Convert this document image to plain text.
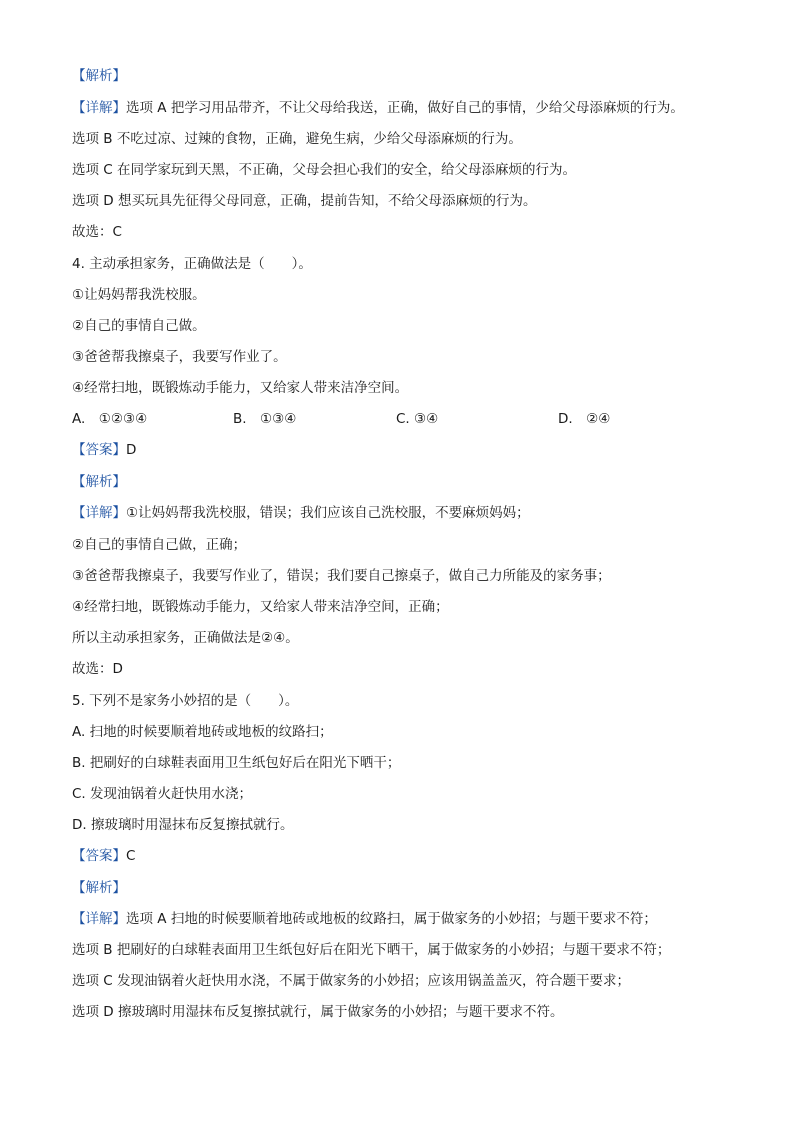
【解析】
【详解】选项 A 把学习用品带齐，不让父母给我送，正确，做好自己的事情，少给父母添麻烦的行为。
选项 B 不吃过凉、过辣的食物，正确，避免生病，少给父母添麻烦的行为。
选项 C 在同学家玩到天黑，不正确，父母会担心我们的安全，给父母添麻烦的行为。
选项 D 想买玩具先征得父母同意，正确，提前告知，不给父母添麻烦的行为。
故选：C
4. 主动承担家务，正确做法是（　　）。
①让妈妈帮我洗校服。
②自己的事情自己做。
③爸爸帮我擦桌子，我要写作业了。
④经常扫地，既锻炼动手能力，又给家人带来洁净空间。
A.　①②③④	B.　①③④	C. ③④	D.　②④
【答案】D
【解析】
【详解】①让妈妈帮我洗校服，错误；我们应该自己洗校服，不要麻烦妈妈；
②自己的事情自己做，正确；
③爸爸帮我擦桌子，我要写作业了，错误；我们要自己擦桌子，做自己力所能及的家务事；
④经常扫地，既锻炼动手能力，又给家人带来洁净空间，正确；
所以主动承担家务，正确做法是②④。
故选：D
5. 下列不是家务小妙招的是（　　）。
A. 扫地的时候要顺着地砖或地板的纹路扫；
B. 把刷好的白球鞋表面用卫生纸包好后在阳光下晒干；
C. 发现油锅着火赶快用水浇；
D. 擦玻璃时用湿抹布反复擦拭就行。
【答案】C
【解析】
【详解】选项 A 扫地的时候要顺着地砖或地板的纹路扫，属于做家务的小妙招；与题干要求不符；
选项 B 把刷好的白球鞋表面用卫生纸包好后在阳光下晒干，属于做家务的小妙招；与题干要求不符；
选项 C 发现油锅着火赶快用水浇，不属于做家务的小妙招；应该用锅盖盖灭，符合题干要求；
选项 D 擦玻璃时用湿抹布反复擦拭就行，属于做家务的小妙招；与题干要求不符。
